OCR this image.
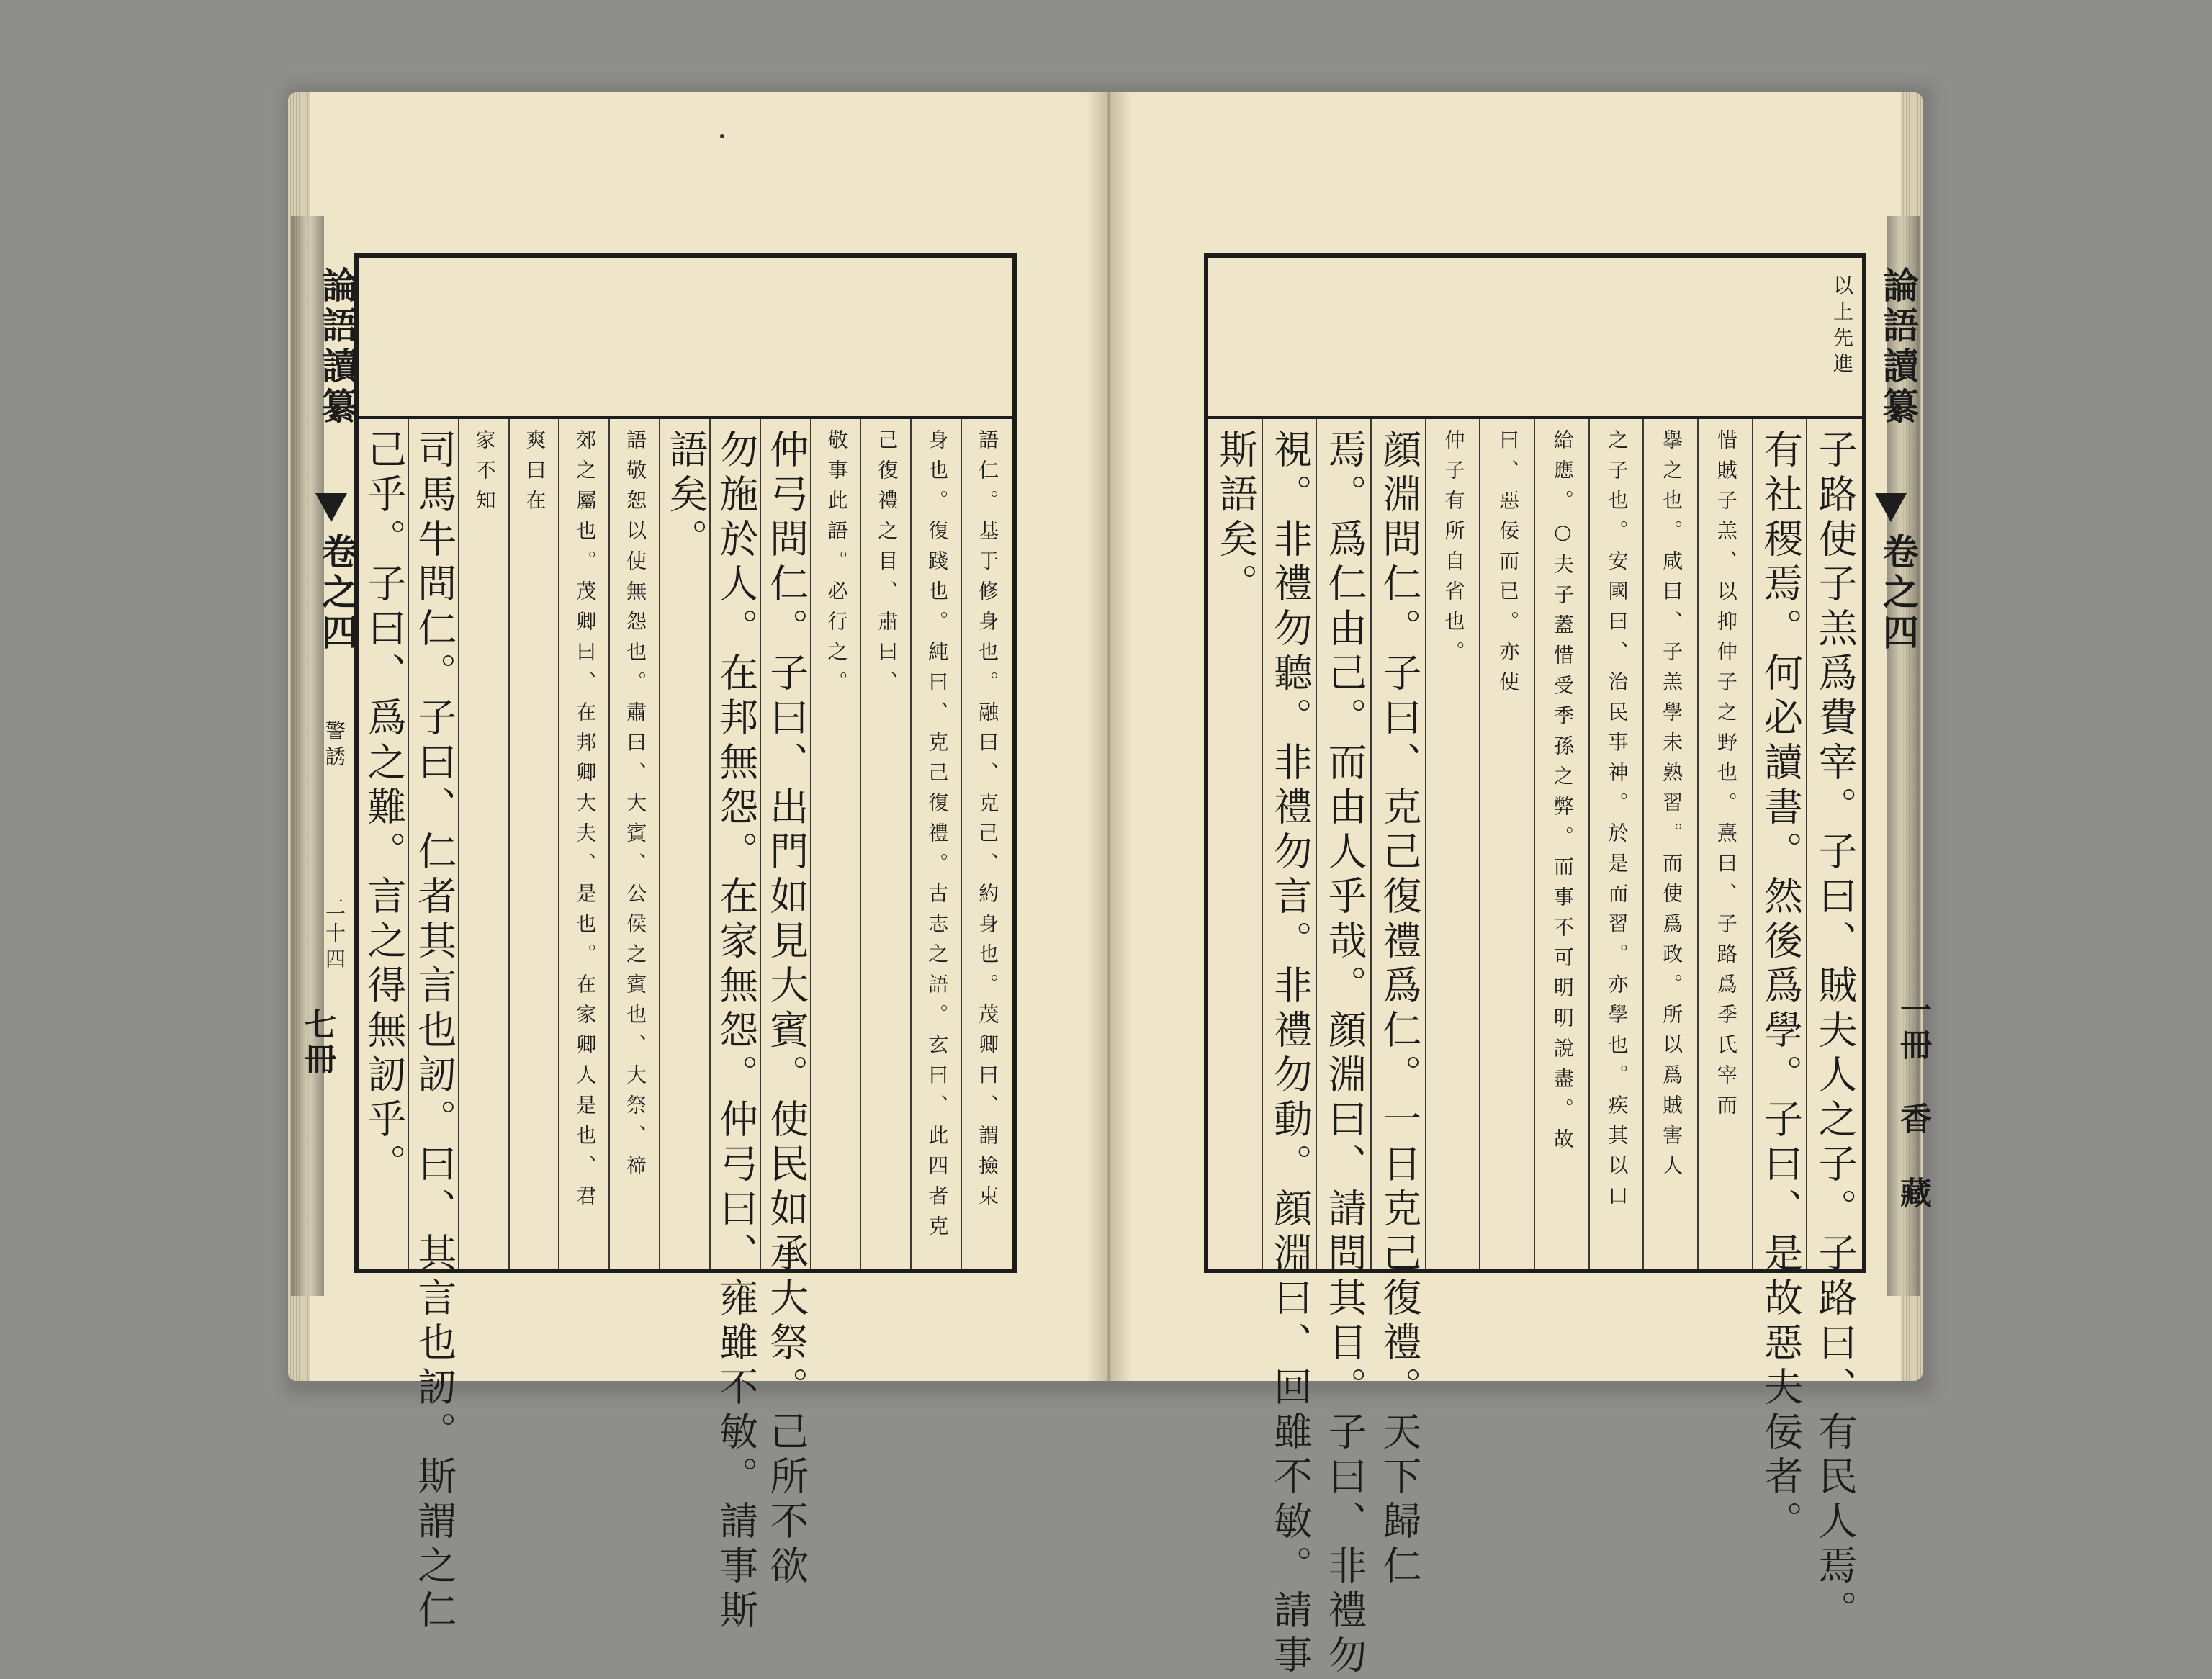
七冊	一冊 香 藏
語仁。基于修身也。融曰、克己、約身也。茂卿曰、謂撿束
身也。復踐也。純曰、克己復禮。古志之語。玄曰、此四者克
己復禮之目、肅曰、
敬事此語。必行之。
仲弓問仁。子曰、出門如見大賓。使民如承大祭。己所不欲
勿施於人。在邦無怨。在家無怨。仲弓曰、雍雖不敏。請事斯
語矣。
語敬恕以使無怨也。肅曰、大賓、公侯之賓也、大祭、禘
郊之屬也。茂卿曰、在邦卿大夫、是也。在家卿人是也、君
爽曰在
家不知
司馬牛問仁。子曰、仁者其言也訒。曰、其言也訒。斯謂之仁
己乎。子曰、爲之難。言之得無訒乎。
論語讀纂
卷之四
警誘
二十四	子路使子羔爲費宰。子曰、賊夫人之子。子路曰、有民人焉。
有社稷焉。何必讀書。然後爲學。子曰、是故惡夫佞者。
惜賊子羔、以抑仲子之野也。熹曰、子路爲季氏宰而
擧之也。咸曰、子羔學未熟習。而使爲政。所以爲賊害人
之子也。安國曰、治民事神。於是而習。亦學也。疾其以口
給應。○夫子蓋惜受季孫之弊。而事不可明明說盡。故
曰、惡佞而已。亦使
仲子有所自省也。
顔淵問仁。子曰、克己復禮爲仁。一日克己復禮。天下歸仁
焉。爲仁由己。而由人乎哉。顔淵曰、請問其目。子曰、非禮勿
視。非禮勿聽。非禮勿言。非禮勿動。顔淵曰、回雖不敏。請事
斯語矣。
以上先進 論語讀纂
卷之四
